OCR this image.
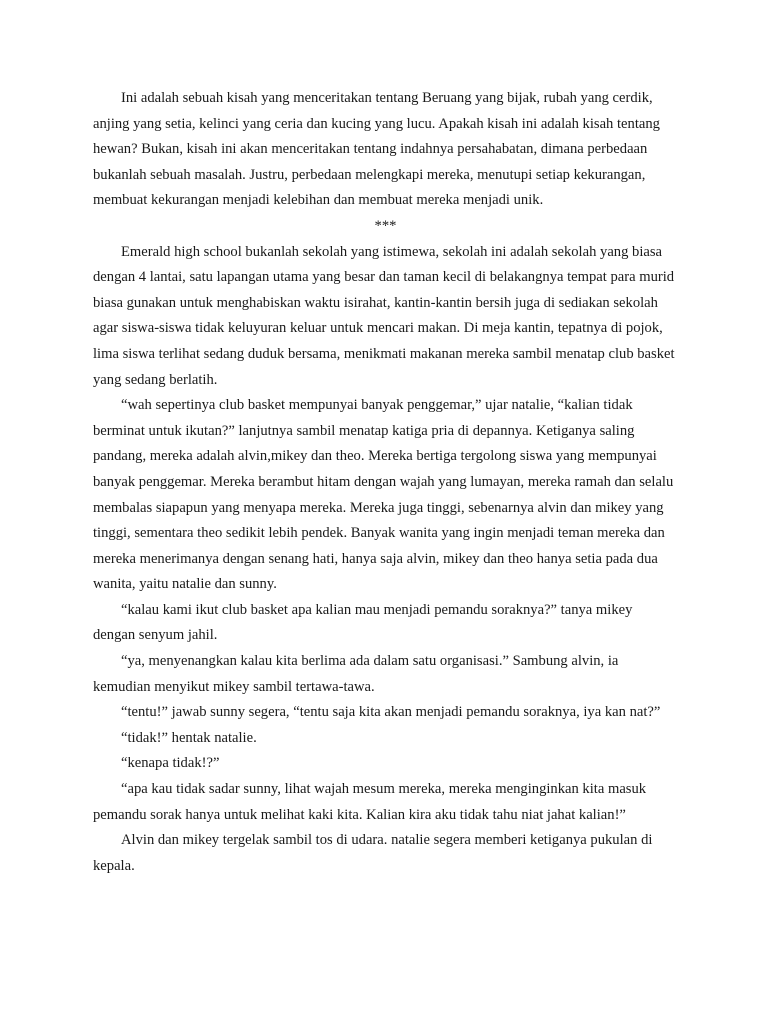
Ini adalah sebuah kisah yang menceritakan tentang Beruang yang bijak, rubah yang cerdik, anjing yang setia, kelinci yang ceria dan kucing yang lucu. Apakah kisah ini adalah kisah tentang hewan? Bukan, kisah ini akan menceritakan tentang indahnya persahabatan, dimana perbedaan bukanlah sebuah masalah. Justru, perbedaan melengkapi mereka, menutupi setiap kekurangan, membuat kekurangan menjadi kelebihan dan membuat mereka menjadi unik.

***

Emerald high school bukanlah sekolah yang istimewa, sekolah ini adalah sekolah yang biasa dengan 4 lantai, satu lapangan utama yang besar dan taman kecil di belakangnya tempat para murid biasa gunakan untuk menghabiskan waktu isirahat, kantin-kantin bersih juga di sediakan sekolah agar siswa-siswa tidak keluyuran keluar untuk mencari makan. Di meja kantin, tepatnya di pojok, lima siswa terlihat sedang duduk bersama, menikmati makanan mereka sambil menatap club basket yang sedang berlatih.

“wah sepertinya club basket mempunyai banyak penggemar,” ujar natalie, “kalian tidak berminat untuk ikutan?” lanjutnya sambil menatap katiga pria di depannya. Ketiganya saling pandang, mereka adalah alvin,mikey dan theo. Mereka bertiga tergolong siswa yang mempunyai banyak penggemar. Mereka berambut hitam dengan wajah yang lumayan, mereka ramah dan selalu membalas siapapun yang menyapa mereka. Mereka juga tinggi, sebenarnya alvin dan mikey yang tinggi, sementara theo sedikit lebih pendek. Banyak wanita yang ingin menjadi teman mereka dan mereka menerimanya dengan senang hati, hanya saja alvin, mikey dan theo hanya setia pada dua wanita, yaitu natalie dan sunny.

“kalau kami ikut club basket apa kalian mau menjadi pemandu soraknya?” tanya mikey dengan senyum jahil.

“ya, menyenangkan kalau kita berlima ada dalam satu organisasi.” Sambung alvin, ia kemudian menyikut mikey sambil tertawa-tawa.

“tentu!” jawab sunny segera, “tentu saja kita akan menjadi pemandu soraknya, iya kan nat?”

“tidak!” hentak natalie.

“kenapa tidak!?”

“apa kau tidak sadar sunny, lihat wajah mesum mereka, mereka menginginkan kita masuk pemandu sorak hanya untuk melihat kaki kita. Kalian kira aku tidak tahu niat jahat kalian!”

Alvin dan mikey tergelak sambil tos di udara. natalie segera memberi ketiganya pukulan di kepala.
